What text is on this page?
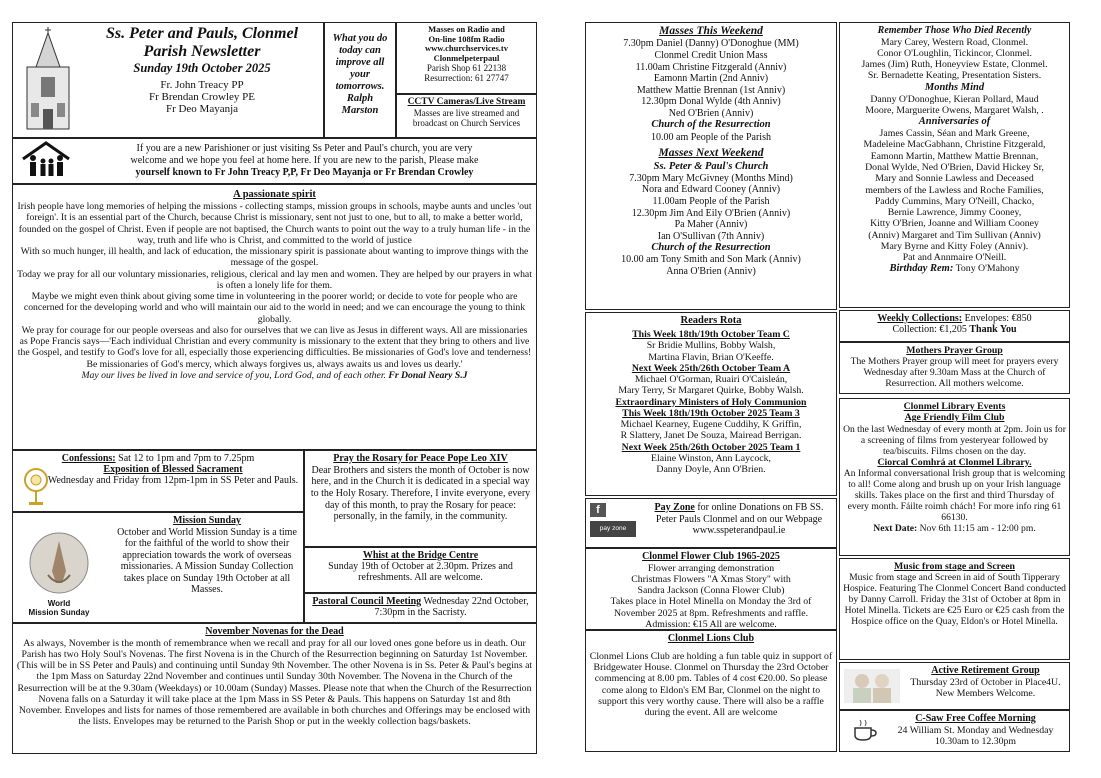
Ss. Peter and Pauls, Clonmel
Parish Newsletter
Sunday 19th October 2025
Fr. John Treacy PP
Fr Brendan Crowley PE
Fr Deo Mayanja
What you do today can improve all your tomorrows.
Ralph Marston
Masses on Radio and
On-line 108fm Radio
www.churchservices.tv
Clonmelpeterpaul
Parish Shop 61 22138
Resurrection: 61 27747
CCTV Cameras/Live Stream
Masses are live streamed and broadcast on Church Services
If you are a new Parishioner or just visiting Ss Peter and Paul's church, you are very
welcome and we hope you feel at home here. If you are new to the parish, Please make
yourself known to Fr John Treacy P,P, Fr Deo Mayanja or Fr Brendan Crowley
A passionate spirit

Irish people have long memories of helping the missions - collecting stamps, mission groups in schools, maybe aunts and uncles 'out foreign'. It is an essential part of the Church, because Christ is missionary, sent not just to one, but to all, to make a better world, founded on the gospel of Christ. Even if people are not baptised, the Church wants to point out the way to a truly human life - in the way, truth and life who is Christ, and committed to the world of justice

With so much hunger, ill health, and lack of education, the missionary spirit is passionate about wanting to improve things with the message of the gospel.

Today we pray for all our voluntary missionaries, religious, clerical and lay men and women. They are helped by our prayers in what is often a lonely life for them.

Maybe we might even think about giving some time in volunteering in the poorer world; or decide to vote for people who are concerned for the developing world and who will maintain our aid to the world in need; and we can encourage the young to think globally.

We pray for courage for our people overseas and also for ourselves that we can live as Jesus in different ways. All are missionaries as Pope Francis says—'Each individual Christian and every community is missionary to the extent that they bring to others and live the Gospel, and testify to God's love for all, especially those experiencing difficulties. Be missionaries of God's love and tenderness! Be missionaries of God's mercy, which always forgives us, always awaits us and loves us dearly.'

May our lives be lived in love and service of you, Lord God, and of each other. Fr Donal Neary S.J

Confessions: Sat 12 to 1pm and 7pm to 7.25pm
Exposition of Blessed Sacrament
Wednesday and Friday from 12pm-1pm in SS Peter and Pauls.
Pray the Rosary for Peace Pope Leo XIV
Dear Brothers and sisters the month of October is now here, and in the Church it is dedicated in a special way to the Holy Rosary. Therefore, I invite everyone, every day of this month, to pray the Rosary for peace: personally, in the family, in the community.
World
Mission Sunday
Mission Sunday
October and World Mission Sunday is a time for the faithful of the world to show their appreciation towards the work of overseas missionaries. A Mission Sunday Collection takes place on Sunday 19th October at all Masses.
Whist at the Bridge Centre
Sunday 19th of October at 2.30pm. Prizes and refreshments. All are welcome.
Pastoral Council Meeting Wednesday 22nd October, 7:30pm in the Sacristy.
November Novenas for the Dead
As always, November is the month of remembrance when we recall and pray for all our loved ones gone before us in death. Our Parish has two Holy Soul's Novenas. The first Novena is in the Church of the Resurrection beginning on Saturday 1st November. (This will be in SS Peter and Pauls) and continuing until Sunday 9th November. The other Novena is in Ss. Peter & Paul's begins at the 1pm Mass on Saturday 22nd November and continues until Sunday 30th November. The Novena in the Church of the Resurrection will be at the 9.30am (Weekdays) or 10.00am (Sunday) Masses. Please note that when the Church of the Resurrection Novena falls on a Saturday it will take place at the 1pm Mass in SS Peter & Pauls. This happens on Saturday 1st and 8th November. Envelopes and lists for names of those remembered are available in both churches and Offerings may be enclosed with the lists. Envelopes may be returned to the Parish Shop or put in the weekly collection bags/baskets.
Masses This Weekend
7.30pm Daniel (Danny) O'Donoghue (MM)
Clonmel Credit Union Mass
11.00am Christine Fitzgerald (Anniv)
Eamonn Martin (2nd Anniv)
Matthew Mattie Brennan (1st Anniv)
12.30pm Donal Wylde (4th Anniv)
Ned O'Brien (Anniv)
Church of the Resurrection
10.00 am People of the Parish
Masses Next Weekend
Ss. Peter & Paul's Church
7.30pm Mary McGivney (Months Mind)
Nora and Edward Cooney (Anniv)
11.00am People of the Parish
12.30pm Jim And Eily O'Brien (Anniv)
Pa Maher (Anniv)
Ian O'Sullivan (7th Anniv)
Church of the Resurrection
10.00 am Tony Smith and Son Mark (Anniv)
Anna O'Brien (Anniv)
Readers Rota
This Week 18th/19th October Team C
Sr Bridie Mullins, Bobby Walsh,
Martina Flavin, Brian O'Keeffe.
Next Week 25th/26th October Team A
Michael O'Gorman, Ruairi O'Caisleán,
Mary Terry, Sr Margaret Quirke, Bobby Walsh.
Extraordinary Ministers of Holy Communion
This Week 18th/19th October 2025 Team 3
Michael Kearney, Eugene Cuddihy, K Griffin,
R Slattery, Janet De Souza, Mairead Berrigan.
Next Week 25th/26th October 2025 Team 1
Elaine Winston, Ann Laycock,
Danny Doyle, Ann O'Brien.
f
pay zone
Pay Zone for online Donations on FB SS. Peter Pauls Clonmel and on our Webpage www.sspeterandpaul.ie
Clonmel Flower Club 1965-2025
Flower arranging demonstration
Christmas Flowers "A Xmas Story" with
Sandra Jackson (Conna Flower Club)
Takes place in Hotel Minella on Monday the 3rd of
November 2025 at 8pm. Refreshments and raffle.
Admission: €15 All are welcome.
Clonmel Lions Club
Clonmel Lions Club are holding a fun table quiz in support of Bridgewater House. Clonmel on Thursday the 23rd October commencing at 8.00 pm. Tables of 4 cost €20.00. So please come along to Eldon's EM Bar, Clonmel on the night to support this very worthy cause. There will also be a raffle during the event. All are welcome
Remember Those Who Died Recently
Mary Carey, Western Road, Clonmel.
Conor O'Loughlin, Tickincor, Clonmel.
James (Jim) Ruth, Honeyview Estate, Clonmel.
Sr. Bernadette Keating, Presentation Sisters.
Months Mind
Danny O'Donoghue, Kieran Pollard, Maud
Moore, Marguerite Owens, Margaret Walsh, .
Anniversaries of
James Cassin, Séan and Mark Greene,
Madeleine MacGabhann, Christine Fitzgerald,
Eamonn Martin, Matthew Mattie Brennan,
Donal Wylde, Ned O'Brien, David Hickey Sr,
Mary and Sonnie Lawless and Deceased
members of the Lawless and Roche Families,
Paddy Cummins, Mary O'Neill, Chacko,
Bernie Lawrence, Jimmy Cooney,
Kitty O'Brien, Joanne and William Cooney
(Anniv) Margaret and Tim Sullivan (Anniv)
Mary Byrne and Kitty Foley (Anniv).
Pat and Annmaire O'Neill.
Birthday Rem: Tony O'Mahony
Weekly Collections: Envelopes: €850
Collection: €1,205 Thank You
Mothers Prayer Group
The Mothers Prayer group will meet for prayers every Wednesday after 9.30am Mass at the Church of Resurrection. All mothers welcome.
Clonmel Library Events
Age Friendly Film Club
On the last Wednesday of every month at 2pm. Join us for a screening of films from yesteryear followed by tea/biscuits. Films chosen on the day.
Ciorcal Comhrá at Clonmel Library.
An Informal conversational Irish group that is welcoming to all! Come along and brush up on your Irish language skills. Takes place on the first and third Thursday of every month. Fáilte roimh chách! For more info ring 61 66130.
Next Date: Nov 6th 11:15 am - 12:00 pm.
Music from stage and Screen
Music from stage and Screen in aid of South Tipperary Hospice. Featuring The Clonmel Concert Band conducted by Danny Carroll. Friday the 31st of October at 8pm in Hotel Minella. Tickets are €25 Euro or €25 cash from the Hospice office on the Quay, Eldon's or Hotel Minella.
Active Retirement Group
Thursday 23rd of October in Place4U. New Members Welcome.
C-Saw Free Coffee Morning
24 William St. Monday and Wednesday 10.30am to 12.30pm
